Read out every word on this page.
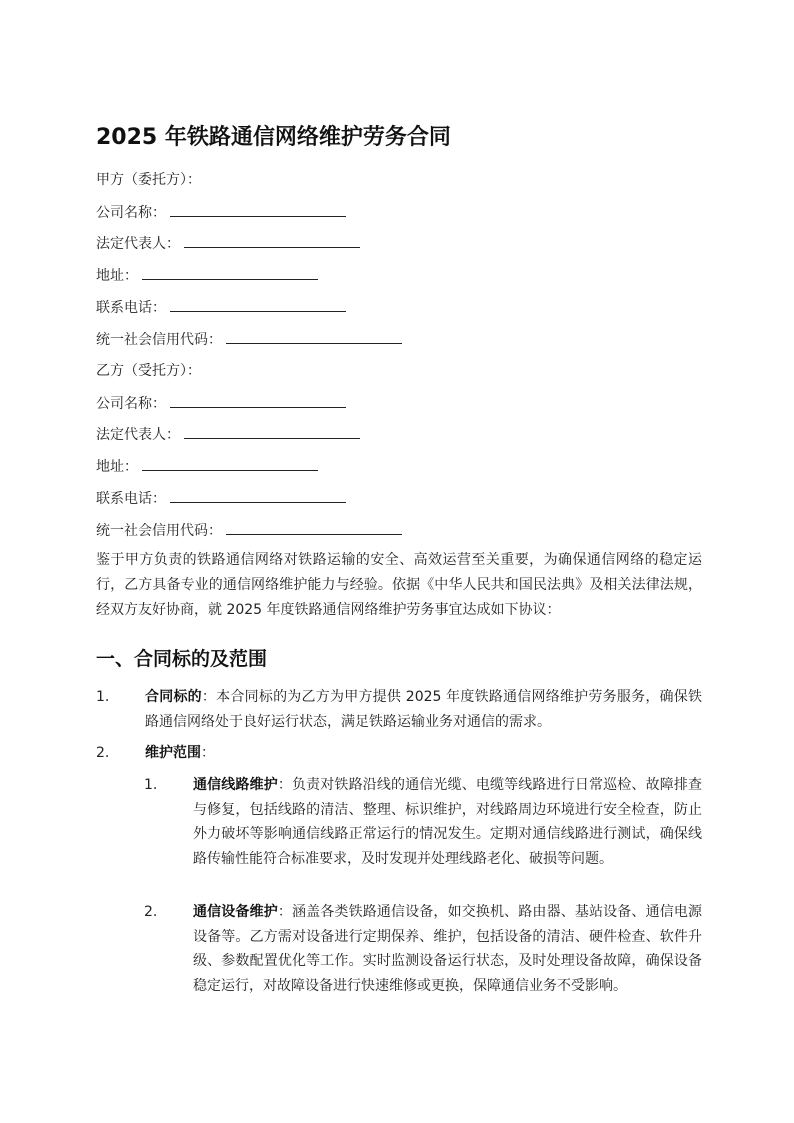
2025 年铁路通信网络维护劳务合同
甲方（委托方）：
公司名称：
法定代表人：
地址：
联系电话：
统一社会信用代码：
乙方（受托方）：
公司名称：
法定代表人：
地址：
联系电话：
统一社会信用代码：
鉴于甲方负责的铁路通信网络对铁路运输的安全、高效运营至关重要，为确保通信网络的稳定运行，乙方具备专业的通信网络维护能力与经验。依据《中华人民共和国民法典》及相关法律法规，经双方友好协商，就 2025 年度铁路通信网络维护劳务事宜达成如下协议：
一、合同标的及范围
1.	合同标的：本合同标的为乙方为甲方提供 2025 年度铁路通信网络维护劳务服务，确保铁路通信网络处于良好运行状态，满足铁路运输业务对通信的需求。
2.	维护范围：
1.	通信线路维护：负责对铁路沿线的通信光缆、电缆等线路进行日常巡检、故障排查与修复，包括线路的清洁、整理、标识维护，对线路周边环境进行安全检查，防止外力破坏等影响通信线路正常运行的情况发生。定期对通信线路进行测试，确保线路传输性能符合标准要求，及时发现并处理线路老化、破损等问题。
2.	通信设备维护：涵盖各类铁路通信设备，如交换机、路由器、基站设备、通信电源设备等。乙方需对设备进行定期保养、维护，包括设备的清洁、硬件检查、软件升级、参数配置优化等工作。实时监测设备运行状态，及时处理设备故障，确保设备稳定运行，对故障设备进行快速维修或更换，保障通信业务不受影响。
